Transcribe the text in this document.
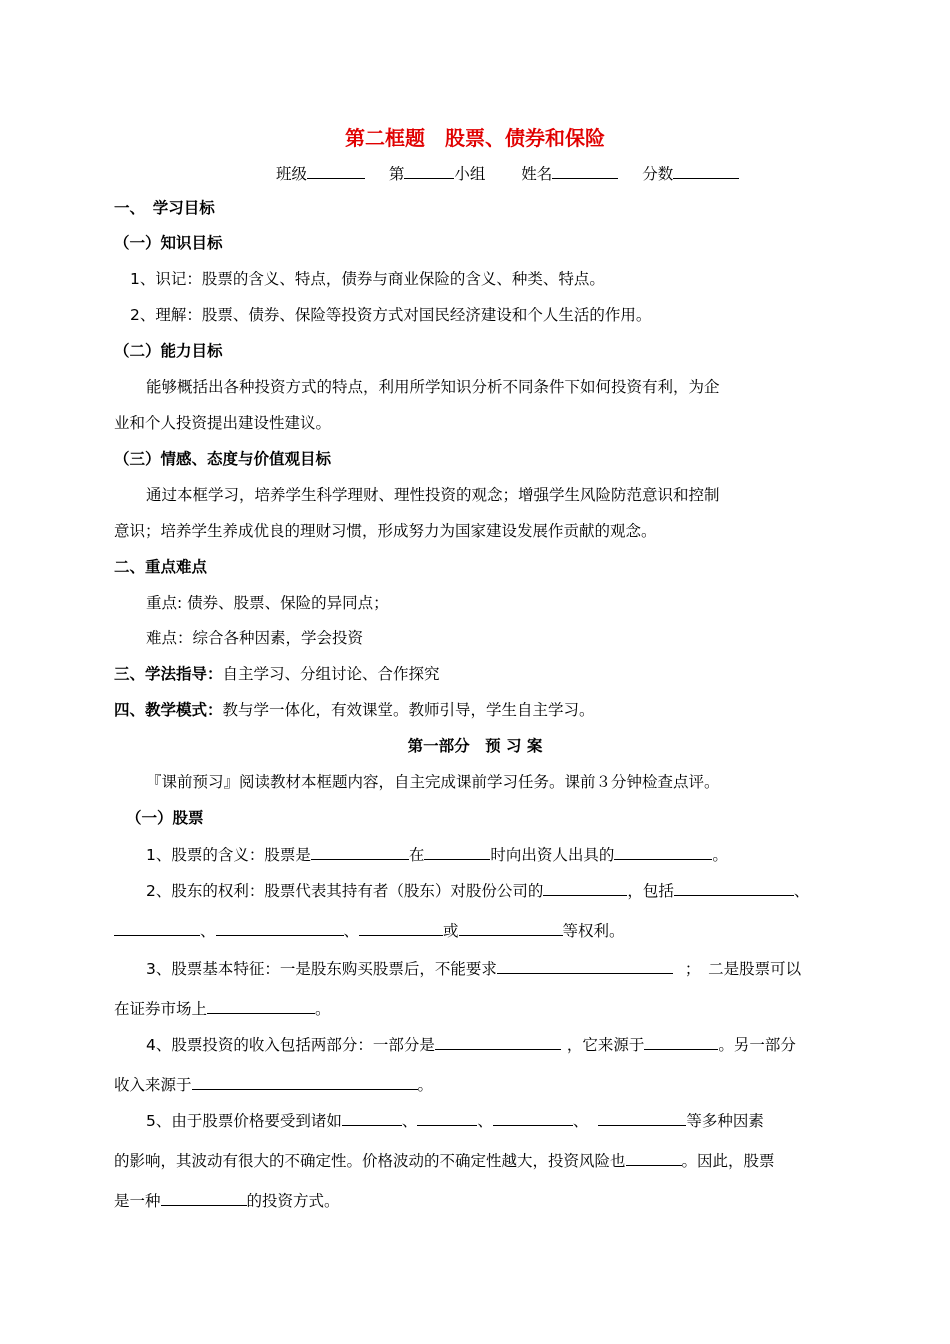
第二框题　股票、债券和保险
班级	第	小组 姓名	分数
一、　学习目标
（一）知识目标
1、识记：股票的含义、特点，债券与商业保险的含义、种类、特点。
2、理解：股票、债券、保险等投资方式对国民经济建设和个人生活的作用。
（二）能力目标
能够概括出各种投资方式的特点，利用所学知识分析不同条件下如何投资有利，为企
业和个人投资提出建设性建议。
（三）情感、态度与价值观目标
通过本框学习，培养学生科学理财、理性投资的观念；增强学生风险防范意识和控制
意识；培养学生养成优良的理财习惯，形成努力为国家建设发展作贡献的观念。
二、重点难点
重点: 债券、股票、保险的异同点；
难点：综合各种因素，学会投资
三、学法指导：自主学习、分组讨论、合作探究
四、教学模式：教与学一体化，有效课堂。教师引导，学生自主学习。
第一部分　预 习 案
『课前预习』阅读教材本框题内容，自主完成课前学习任务。课前３分钟检查点评。
（一）股票
1、股票的含义：股票是	在	时向出资人出具的	。
2、股东的权利：股票代表其持有者（股东）对股份公司的	，包括	、
、	、	或	等权利。
3、股票基本特征：一是股东购买股票后，不能要求	；　二是股票可以
在证券市场上	。
4、股票投资的收入包括两部分：一部分是	，它来源于	。另一部分
收入来源于	。
5、由于股票价格要受到诸如	、	、	、	等多种因素
的影响，其波动有很大的不确定性。价格波动的不确定性越大，投资风险也	。因此，股票
是一种	的投资方式。
